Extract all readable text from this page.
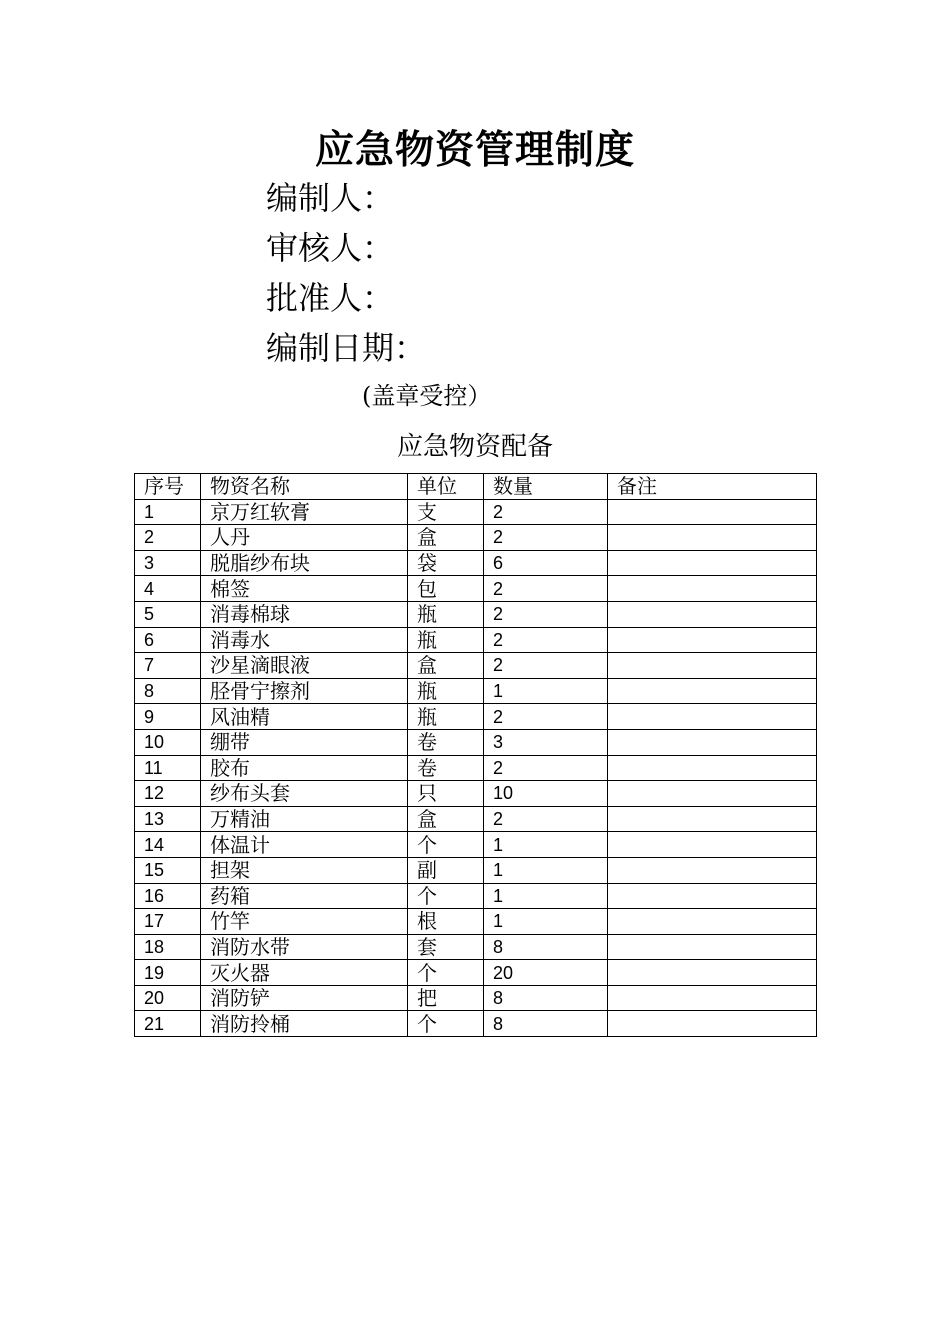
应急物资管理制度
编制人：
审核人：
批准人：
编制日期：
(盖章受控）
应急物资配备
序号	物资名称	单位	数量	备注
1	京万红软膏	支	2	
2	人丹	盒	2	
3	脱脂纱布块	袋	6	
4	棉签	包	2	
5	消毒棉球	瓶	2	
6	消毒水	瓶	2	
7	沙星滴眼液	盒	2	
8	胫骨宁擦剂	瓶	1	
9	风油精	瓶	2	
10	绷带	卷	3	
11	胶布	卷	2	
12	纱布头套	只	10	
13	万精油	盒	2	
14	体温计	个	1	
15	担架	副	1	
16	药箱	个	1	
17	竹竿	根	1	
18	消防水带	套	8	
19	灭火器	个	20	
20	消防铲	把	8	
21	消防拎桶	个	8	
